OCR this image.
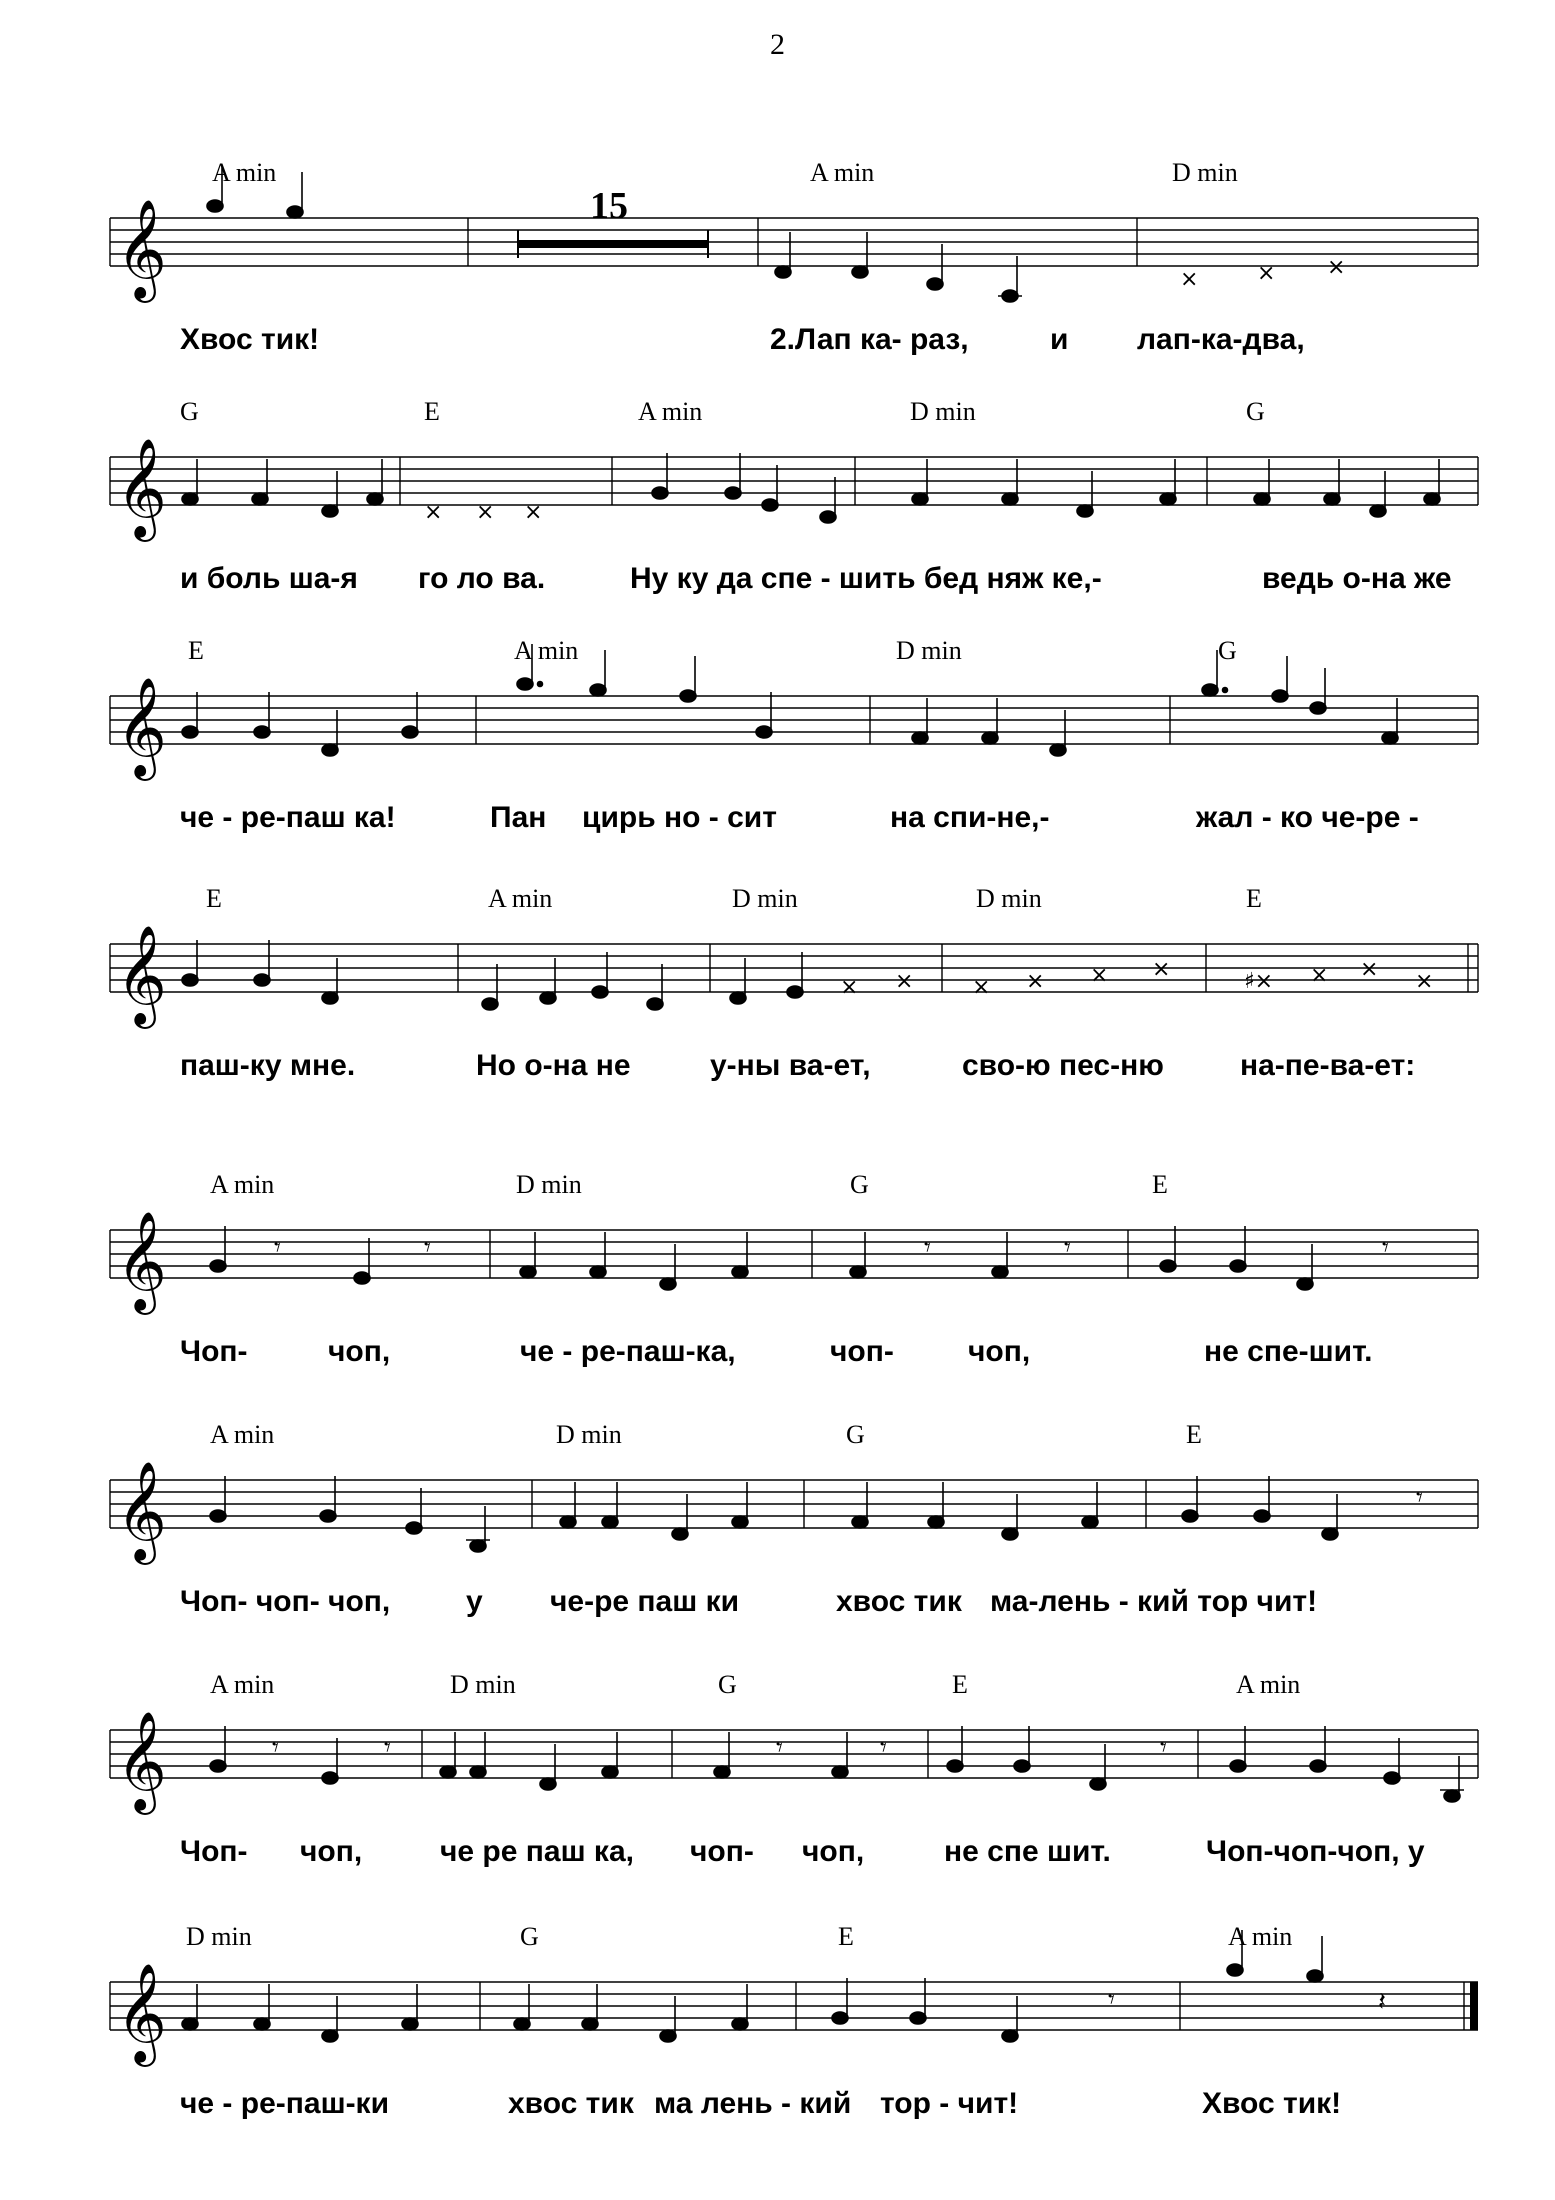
2
𝄞	×	× ×
A min
15
A min	D min
Хвос тик!	2.Лап ка- раз,	и лап-ка-два,
𝄞	× × ×
G	E	A min	D min	G
и боль ша-я го ло ва.	Ну ку да спе - шить бед няж ке,-	ведь о-на же
𝄞
E	A min	D min	G
че - ре-паш ка!	Пан цирь но - сит	на спи-не,-	жал - ко че-ре -
𝄞	× ×	× × × ×	♯× × × ×
E	A min	D min	D min	E
паш-ку мне.	Но о-на не	у-ны ва-ет,	сво-ю пес-ню	на-пе-ва-ет:
𝄞	𝄾	𝄾	𝄾	𝄾	𝄾
A min	D min	G	E
Чоп-	чоп,	че - ре-паш-ка,	чоп- чоп,	не спе-шит.
𝄞	𝄾
A min	D min	G	E
Чоп- чоп- чоп,	у че-ре паш ки	хвос тик ма-лень - кий тор чит!
𝄞	𝄾	𝄾	𝄾	𝄾	𝄾
A min	D min	G	E	A min
Чоп- чоп,	че ре паш ка, чоп- чоп,	не спе шит.	Чоп-чоп-чоп, у
𝄞	𝄾	𝄽
D min	G	E	A min
че - ре-паш-ки	хвос тик ма лень - кий тор - чит!	Хвос тик!
